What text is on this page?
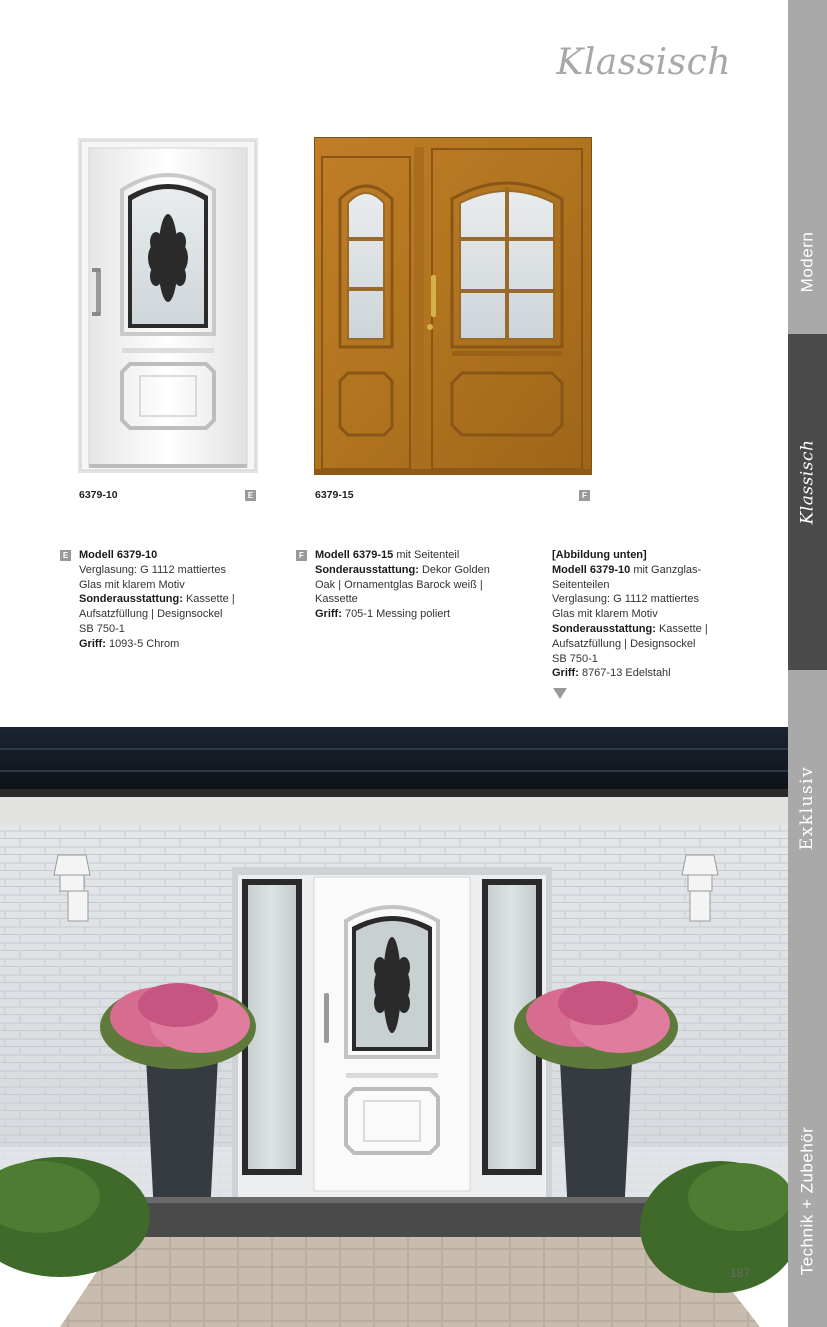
Klassisch
Modern
Klassisch
Exklusiv
Technik + Zubehör
6379-10	E	6379-15	F
E Modell 6379-10
Verglasung: G 1112 mattiertes
Glas mit klarem Motiv
Sonderausstattung: Kassette |
Aufsatzfüllung | Designsockel
SB 750-1
Griff: 1093-5 Chrom
F Modell 6379-15 mit Seitenteil
Sonderausstattung: Dekor Golden
Oak | Ornamentglas Barock weiß |
Kassette
Griff: 705-1 Messing poliert
[Abbildung unten]
Modell 6379-10 mit Ganzglas-
Seitenteilen
Verglasung: G 1112 mattiertes
Glas mit klarem Motiv
Sonderausstattung: Kassette |
Aufsatzfüllung | Designsockel
SB 750-1
Griff: 8767-13 Edelstahl
187
